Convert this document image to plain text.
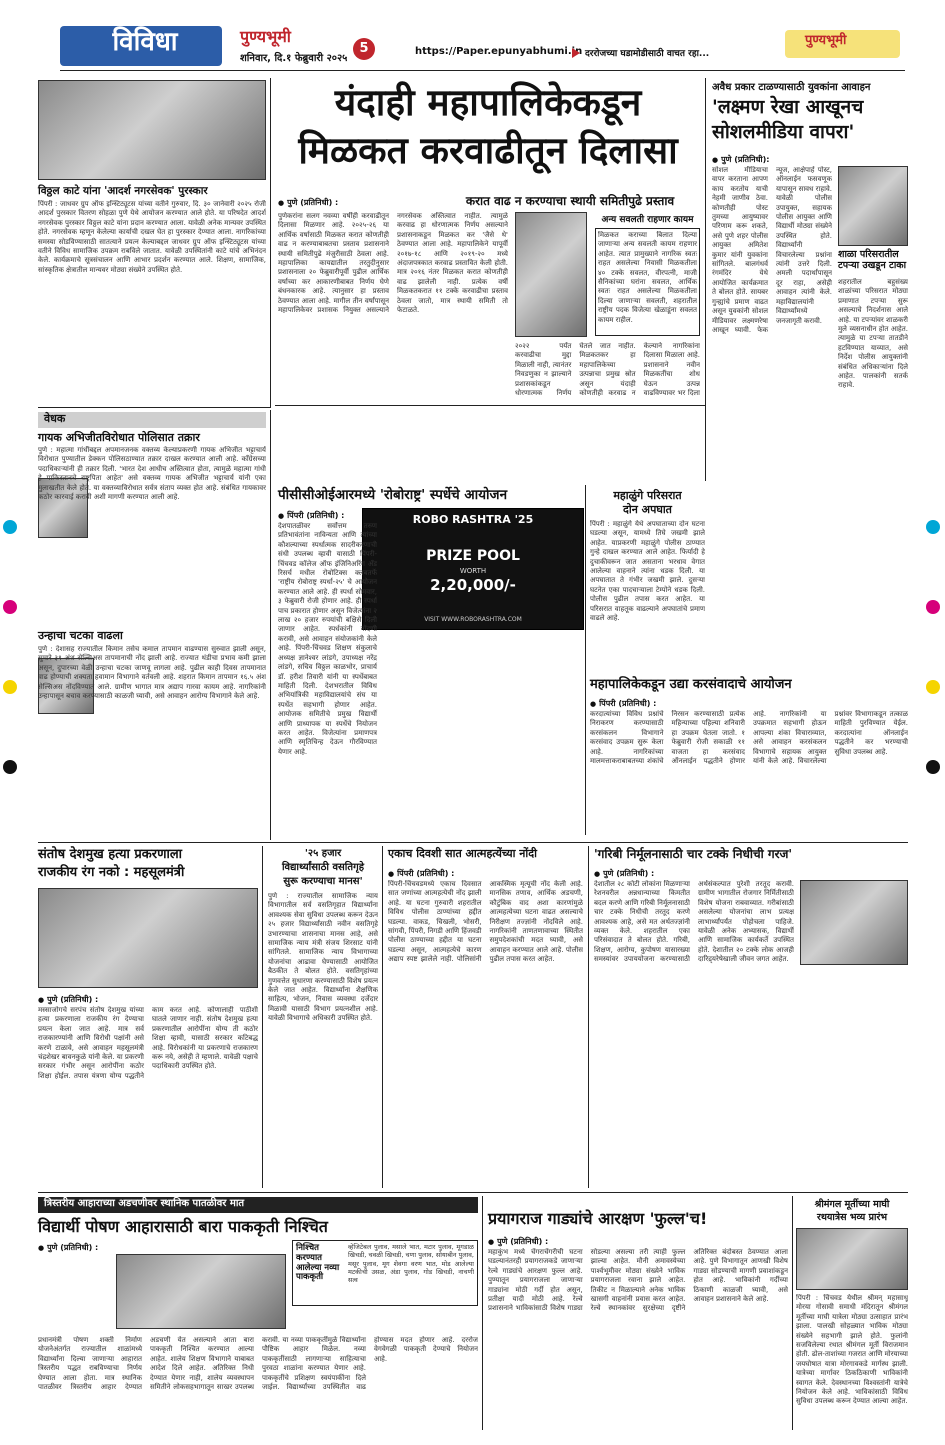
विविधा	पुण्यभूमी
5
शनिवार, दि.१ फेब्रुवारी २०२५
https://Paper.epunyabhumi.in दररोजच्या घडामोडीसाठी वाचत रहा...
पुण्यभूमी
विठ्ठल काटे यांना 'आदर्श नगरसेवक' पुरस्कार
पिंपरी : जाधवर ग्रुप ऑफ इन्स्टिट्यूटस यांच्या वतीने गुरुवार, दि. ३० जानेवारी २०२५ रोजी आदर्श पुरस्कार वितरण सोहळा पुणे येथे आयोजन करण्यात आले होते. या परिषदेत आदर्श नगरसेवक पुरस्कार विठ्ठल काटे यांना प्रदान करण्यात आला. यावेळी अनेक मान्यवर उपस्थित होते. नगरसेवक म्हणून केलेल्या कार्याची दखल घेत हा पुरस्कार देण्यात आला. नागरिकांच्या समस्या सोडविण्यासाठी सातत्याने प्रयत्न केल्याबद्दल जाधवर ग्रुप ऑफ इन्स्टिट्यूटस यांच्या वतीने विविध सामाजिक उपक्रम राबविले जातात. यावेळी उपस्थितांनी काटे यांचे अभिनंदन केले. कार्यक्रमाचे सूत्रसंचालन आणि आभार प्रदर्शन करण्यात आले. शिक्षण, सामाजिक, सांस्कृतिक क्षेत्रातील मान्यवर मोठ्या संख्येने उपस्थित होते.
यंदाही महापालिकेकडून
मिळकत करवाढीतून दिलासा
करात वाढ न करण्याचा स्थायी समितीपुढे प्रस्ताव
● पुणे (प्रतिनिधी) :
पुणेकरांना सलग नवव्या वर्षीही करवाढीतून दिलासा मिळणार आहे. २०२५-२६ या आर्थिक वर्षासाठी मिळकत करात कोणतीही वाढ न करण्याबाबतचा प्रस्ताव प्रशासनाने स्थायी समितीपुढे मंजुरीसाठी ठेवला आहे. महापालिका कायद्यातील तरतुदीनुसार प्रशासनाला २० फेब्रुवारीपूर्वी पुढील आर्थिक वर्षाच्या कर आकारणीबाबत निर्णय घेणे बंधनकारक आहे. त्यानुसार हा प्रस्ताव ठेवण्यात आला आहे. मागील तीन वर्षांपासून महापालिकेवर प्रशासक नियुक्त असल्याने नगरसेवक अस्तित्वात नाहीत. त्यामुळे करवाढ हा धोरणात्मक निर्णय असल्याने प्रशासनाकडून मिळकत कर 'जैसे थे' ठेवण्यात आला आहे. महापालिकेने यापूर्वी २०१७-१८ आणि २०१९-२० मध्ये अंदाजपत्रकात करवाढ प्रस्तावित केली होती. मात्र २०१६ नंतर मिळकत करात कोणतीही वाढ झालेली नाही. प्रत्येक वर्षी मिळकतकरात ११ टक्के करवाढीचा प्रस्ताव ठेवला जातो, मात्र स्थायी समिती तो फेटाळते.
अन्य सवलती राहणार कायम
मिळकत कराच्या बिलात दिल्या जाणाऱ्या अन्य सवलती कायम राहणार आहेत. त्यात प्रामुख्याने नागरिक स्वतः राहत असलेल्या निवासी मिळकतीला ४० टक्के सवलत, वीरपत्नी, माजी सैनिकांच्या घरांना सवलत, आर्थिक स्वतः राहत असलेल्या मिळकतीला दिल्या जाणाऱ्या सवलती, शहरातील राष्ट्रीय पदक विजेत्या खेळाडूंना सवलत कायम राहील.
२०२२ पर्यंत करवाढीचा मुद्दा मिळाली नाही, त्यानंतर निवडणुका न झाल्याने प्रशासकांकडून धोरणात्मक निर्णय घेतले जात नाहीत. मिळकतकर हा महापालिकेच्या उत्पन्नाचा प्रमुख स्रोत असून यंदाही कोणतीही करवाढ न केल्याने नागरिकांना दिलासा मिळाला आहे. प्रशासनाने नवीन मिळकतींचा शोध घेऊन उत्पन्न वाढविण्यावर भर दिला
अवैध प्रकार टाळण्यासाठी युवकांना आवाहन
'लक्ष्मण रेखा आखूनच
सोशलमीडिया वापरा'
● पुणे (प्रतिनिधी):
सोशल मीडियाचा वापर करताना आपण काय करतोय याची नेहमी जाणीव ठेवा. कोणतीही पोस्ट तुमच्या आयुष्यावर परिणाम करू शकते, असे पुणे शहर पोलीस आयुक्त अमितेश कुमार यांनी युवकांना सांगितले. बालगंधर्व रंगमंदिर येथे आयोजित कार्यक्रमात ते बोलत होते. सायबर गुन्ह्यांचे प्रमाण वाढत असून युवकांनी सोशल मीडियावर लक्ष्मणरेषा आखून घ्यावी. फेक न्यूज, आक्षेपार्ह पोस्ट, ऑनलाईन फसवणूक यापासून सावध राहावे. यावेळी पोलीस उपायुक्त, सहायक पोलीस आयुक्त आणि विद्यार्थी मोठ्या संख्येने उपस्थित होते. विद्यार्थ्यांनी विचारलेल्या प्रश्नांना त्यांनी उत्तरे दिली. अमली पदार्थांपासून दूर राहा, असेही आवाहन त्यांनी केले. महाविद्यालयांनी विद्यार्थ्यांमध्ये जनजागृती करावी.
शाळा परिसरातील टपऱ्या उखडून टाका
शहरातील बहुसंख्य शाळांच्या परिसरात मोठ्या प्रमाणात टपऱ्या सुरू असल्याचे निदर्शनास आले आहे. या टपऱ्यांवर शाळकरी मुले व्यसनाधीन होत आहेत. त्यामुळे या टपऱ्या तातडीने हटविण्यात याव्यात, असे निर्देश पोलीस आयुक्तांनी संबंधित अधिकाऱ्यांना दिले आहेत. पालकांनी सतर्क राहावे.
वेधक
गायक अभिजीतविरोधात पोलिसात तक्रार
पुणे : महात्मा गांधींबद्दल अपमानजनक वक्तव्य केल्याप्रकरणी गायक अभिजीत भट्टाचार्य विरोधात पुण्यातील डेक्कन पोलिसठाण्यात तक्रार दाखल करण्यात आली आहे. काँग्रेसच्या पदाधिकाऱ्यांनी ही तक्रार दिली. 'भारत देश आधीच अस्तित्वात होता, त्यामुळे महात्मा गांधी हे पाकिस्तानचे राष्ट्रपिता आहेत' असे वक्तव्य गायक अभिजीत भट्टाचार्य यांनी एका मुलाखतीत केले होते. या वक्तव्याविरोधात सर्वत्र संताप व्यक्त होत आहे. संबंधित गायकावर कठोर कारवाई करावी अशी मागणी करण्यात आली आहे.
उन्हाचा चटका वाढला
पुणे : देशासह राज्यातील किमान तसेच कमाल तापमान वाढण्यास सुरुवात झाली असून, सुमारे ३१ अंश सेल्सिअस तापमानाची नोंद झाली आहे. राज्यात थंडीचा प्रभाव कमी झाला असून, दुपारच्या वेळी उन्हाचा चटका जाणवू लागला आहे. पुढील काही दिवस तापमानात वाढ होण्याची शक्यता हवामान विभागाने वर्तवली आहे. शहरात किमान तापमान १६.५ अंश सेल्सिअस नोंदविण्यात आले. ग्रामीण भागात मात्र अद्याप गारवा कायम आहे. नागरिकांनी उन्हापासून बचाव करण्यासाठी काळजी घ्यावी, असे आवाहन आरोग्य विभागाने केले आहे.
पीसीसीओईआरमध्ये 'रोबोराष्ट्र' स्पर्धेचे आयोजन
● पिंपरी (प्रतिनिधी) :	ROBO RASHTRA '25
PRIZE POOL
WORTH
2,20,000/-
VISIT WWW.ROBORASHTRA.COM
देशपातळीवर सर्वोत्तम तरुण प्रतिभावंतांना नाविन्यता आणि त्यांच्या कौशल्याच्या स्पर्धात्मक सादरीकरणाची संधी उपलब्ध व्हावी यासाठी पिंपरी-चिंचवड कॉलेज ऑफ इंजिनिअरिंग अँड रिसर्च मधील रोबोटिक्स क्लबतर्फे 'राष्ट्रीय रोबोराष्ट्र स्पर्धा-२५' चे आयोजन करण्यात आले आहे. ही स्पर्धा सोमवार, ३ फेब्रुवारी रोजी होणार आहे. ही स्पर्धा पाच प्रकारात होणार असून विजेत्यांना २ लाख २० हजार रुपयांची बक्षिसे दिली जाणार आहेत. स्पर्धकांनी नोंदणी करावी, असे आवाहन संयोजकांनी केले आहे. पिंपरी-चिंचवड शिक्षण संकुलाचे अध्यक्ष ज्ञानेश्वर लांडगे, उपाध्यक्ष नरेंद्र लांडगे, सचिव विठ्ठल काळभोर, प्राचार्य डॉ. हरीश तिवारी यांनी या स्पर्धेबाबत माहिती दिली. देशभरातील विविध अभियांत्रिकी महाविद्यालयांचे संघ या स्पर्धेत सहभागी होणार आहेत. आयोजक समितीचे प्रमुख विद्यार्थी आणि प्राध्यापक या स्पर्धेचे नियोजन करत आहेत. विजेत्यांना प्रमाणपत्र आणि स्मृतिचिन्ह देऊन गौरविण्यात येणार आहे.
महाळुंगे परिसरात
दोन अपघात
पिंपरी : महाळुंगे येथे अपघाताच्या दोन घटना घडल्या असून, यामध्ये तिघे जखमी झाले आहेत. याप्रकरणी महाळुंगे पोलीस ठाण्यात गुन्हे दाखल करण्यात आले आहेत. फिर्यादी हे दुचाकीवरून जात असताना भरधाव वेगात आलेल्या वाहनाने त्यांना धडक दिली. या अपघातात ते गंभीर जखमी झाले. दुसऱ्या घटनेत एका पादचाऱ्याला टेम्पोने धडक दिली. पोलीस पुढील तपास करत आहेत. या परिसरात वाहतूक वाढल्याने अपघातांचे प्रमाण वाढले आहे.
महापालिकेकडून उद्या करसंवादाचे आयोजन
● पिंपरी (प्रतिनिधी) :
करदात्यांच्या विविध प्रश्नांचे निराकरण करण्यासाठी करसंकलन विभागाने करसंवाद उपक्रम सुरू केला आहे. नागरिकांच्या मालमत्ताकराबाबतच्या शंकांचे निरसन करण्यासाठी प्रत्येक महिन्याच्या पहिल्या शनिवारी हा उपक्रम घेतला जातो. १ फेब्रुवारी रोजी सकाळी ११ वाजता हा करसंवाद ऑनलाईन पद्धतीने होणार आहे. नागरिकांनी या उपक्रमात सहभागी होऊन आपल्या शंका विचाराव्यात, असे आवाहन करसंकलन विभागाचे सहायक आयुक्त यांनी केले आहे. विचारलेल्या प्रश्नांवर विभागाकडून तत्काळ माहिती पुरविण्यात येईल. करदात्यांना ऑनलाईन पद्धतीने कर भरण्याची सुविधा उपलब्ध आहे.
संतोष देशमुख हत्या प्रकरणाला
राजकीय रंग नको : महसूलमंत्री
● पुणे (प्रतिनिधी) :
मस्साजोगचे सरपंच संतोष देशमुख यांच्या हत्या प्रकरणाला राजकीय रंग देण्याचा प्रयत्न केला जात आहे. मात्र सर्व राजकारण्यांनी आणि विरोधी पक्षांनी असे करणे टाळावे, असे आवाहन महसूलमंत्री चंद्रशेखर बावनकुळे यांनी केले. या प्रकरणी सरकार गंभीर असून आरोपींना कठोर शिक्षा होईल. तपास यंत्रणा योग्य पद्धतीने काम करत आहे. कोणालाही पाठीशी घातले जाणार नाही. संतोष देशमुख हत्या प्रकरणातील आरोपींना योग्य ती कठोर शिक्षा व्हावी, यासाठी सरकार कटिबद्ध आहे. विरोधकांनी या प्रकरणाचे राजकारण करू नये, असेही ते म्हणाले. यावेळी पक्षाचे पदाधिकारी उपस्थित होते.
'२५ हजार
विद्यार्थ्यांसाठी वसतिगृहे
सुरू करण्याचा मानस'
पुणे : राज्यातील सामाजिक न्याय विभागातील सर्व वसतिगृहात विद्यार्थ्यांना आवश्यक सेवा सुविधा उपलब्ध करून देऊन २५ हजार विद्यार्थ्यांसाठी नवीन वसतिगृहे उभारण्याचा शासनाचा मानस आहे, असे सामाजिक न्याय मंत्री संजय शिरसाट यांनी सांगितले. सामाजिक न्याय विभागाच्या योजनांचा आढावा घेण्यासाठी आयोजित बैठकीत ते बोलत होते. वसतिगृहांच्या गुणवत्तेत सुधारणा करण्यासाठी विशेष प्रयत्न केले जात आहेत. विद्यार्थ्यांना शैक्षणिक साहित्य, भोजन, निवास व्यवस्था दर्जेदार मिळावी यासाठी विभाग प्रयत्नशील आहे. यावेळी विभागाचे अधिकारी उपस्थित होते.
एकाच दिवशी सात आत्महत्येंच्या नोंदी
● पिंपरी (प्रतिनिधी) :
पिंपरी-चिंचवडमध्ये एकाच दिवसात सात जणांच्या आत्महत्येची नोंद झाली आहे. या घटना गुरुवारी शहरातील विविध पोलीस ठाण्यांच्या हद्दीत घडल्या. वाकड, चिखली, भोसरी, सांगवी, पिंपरी, निगडी आणि हिंजवडी पोलीस ठाण्याच्या हद्दीत या घटना घडल्या असून, आत्महत्येचे कारण अद्याप स्पष्ट झालेले नाही. पोलिसांनी आकस्मिक मृत्यूची नोंद केली आहे. मानसिक तणाव, आर्थिक अडचणी, कौटुंबिक वाद अशा कारणांमुळे आत्महत्येच्या घटना वाढत असल्याचे निरीक्षण तज्ज्ञांनी नोंदविले आहे. नागरिकांनी ताणतणावाच्या स्थितीत समुपदेशकांची मदत घ्यावी, असे आवाहन करण्यात आले आहे. पोलीस पुढील तपास करत आहेत.
'गरिबी निर्मूलनासाठी चार टक्के निधीची गरज'
● पुणे (प्रतिनिधी) :
देशातील २८ कोटी लोकांना मिळणाऱ्या रेशनवरील अन्नधान्याच्या किमतीत बदल करणे आणि गरिबी निर्मूलनासाठी चार टक्के निधीची तरतूद करणे आवश्यक आहे, असे मत अर्थतज्ज्ञांनी व्यक्त केले. शहरातील एका परिसंवादात ते बोलत होते. गरिबी, शिक्षण, आरोग्य, कुपोषण यासारख्या समस्यांवर उपाययोजना करण्यासाठी अर्थसंकल्पात पुरेशी तरतूद करावी. ग्रामीण भागातील रोजगार निर्मितीसाठी विशेष योजना राबवाव्यात. गरीबांसाठी असलेल्या योजनांचा लाभ प्रत्यक्ष लाभार्थ्यांपर्यंत पोहोचला पाहिजे. यावेळी अनेक अभ्यासक, विद्यार्थी आणि सामाजिक कार्यकर्ते उपस्थित होते. देशातील २० टक्के लोक आजही दारिद्र्यरेषेखाली जीवन जगत आहेत.
त्रिस्तरीय आहाराच्या अडचणीवर स्थानिक पातळीवर मात
विद्यार्थी पोषण आहारासाठी बारा पाककृती निश्चित
● पुणे (प्रतिनिधी) :	निश्चित करण्यात आलेल्या नव्या पाककृती
व्हेजिटेबल पुलाव, मसाले भात, मटार पुलाव, मूगडाळ खिचडी, चवळी खिचडी, चणा पुलाव, सोयाबीन पुलाव, मसूर पुलाव, मूग शेवगा वरण भात, मोड आलेल्या मटकीची उसळ, अंडा पुलाव, गोड खिचडी, नाचणी सत्व
प्रधानमंत्री पोषण शक्ती निर्माण योजनेअंतर्गत राज्यातील शाळांमध्ये विद्यार्थ्यांना दिल्या जाणाऱ्या आहारात त्रिस्तरीय पद्धत राबविण्याचा निर्णय घेण्यात आला होता. मात्र स्थानिक पातळीवर त्रिस्तरीय आहार देण्यात अडचणी येत असल्याने आता बारा पाककृती निश्चित करण्यात आल्या आहेत. शालेय शिक्षण विभागाने याबाबत आदेश दिले आहेत. अतिरिक्त निधी देण्यात येणार नाही, शालेय व्यवस्थापन समितीने लोकसहभागातून साखर उपलब्ध करावी. या नव्या पाककृतींमुळे विद्यार्थ्यांना पौष्टिक आहार मिळेल. नव्या पाककृतींसाठी लागणाऱ्या साहित्याचा पुरवठा शाळांना करण्यात येणार आहे. पाककृतींचे प्रशिक्षण स्वयंपाकींना दिले जाईल. विद्यार्थ्यांच्या उपस्थितीत वाढ होण्यास मदत होणार आहे. दररोज वेगवेगळी पाककृती देण्याचे नियोजन आहे.
प्रयागराज गाड्यांचे आरक्षण 'फुल्ल'च!
● पुणे (प्रतिनिधी) :
महाकुंभ मध्ये चेंगराचेंगरीची घटना घडल्यानंतरही प्रयागराजकडे जाणाऱ्या रेल्वे गाड्यांचे आरक्षण फुल्ल आहे. पुण्यातून प्रयागराजला जाणाऱ्या गाड्यांना मोठी गर्दी होत असून, प्रतीक्षा यादी मोठी आहे. रेल्वे प्रशासनाने भाविकांसाठी विशेष गाड्या सोडल्या असल्या तरी त्याही फुल्ल झाल्या आहेत. मौनी अमावस्येच्या पार्श्वभूमीवर मोठ्या संख्येने भाविक प्रयागराजला रवाना झाले आहेत. तिकीट न मिळाल्याने अनेक भाविक खासगी वाहनांनी प्रवास करत आहेत. रेल्वे स्थानकांवर सुरक्षेच्या दृष्टीने अतिरिक्त बंदोबस्त ठेवण्यात आला आहे. पुणे विभागातून आणखी विशेष गाड्या सोडण्याची मागणी प्रवाशांकडून होत आहे. भाविकांनी गर्दीच्या ठिकाणी काळजी घ्यावी, असे आवाहन प्रशासनाने केले आहे.
श्रीमंगल मूर्तीच्या माघी
रथयात्रेस भव्य प्रारंभ
पिंपरी : चिंचवड येथील श्रीमन् महासाधू मोरया गोसावी समाधी मंदिरातून श्रीमंगल मूर्तीच्या माघी यात्रेला मोठ्या उत्साहात प्रारंभ झाला. पालखी सोहळ्यात भाविक मोठ्या संख्येने सहभागी झाले होते. फुलांनी सजविलेल्या रथात श्रीमंगल मूर्ती विराजमान होती. ढोल-ताशांच्या गजरात आणि मोरयाच्या जयघोषात यात्रा मोरगावकडे मार्गस्थ झाली. यात्रेच्या मार्गावर ठिकठिकाणी भाविकांनी स्वागत केले. देवस्थानच्या विश्वस्तांनी यात्रेचे नियोजन केले आहे. भाविकांसाठी विविध सुविधा उपलब्ध करून देण्यात आल्या आहेत.
